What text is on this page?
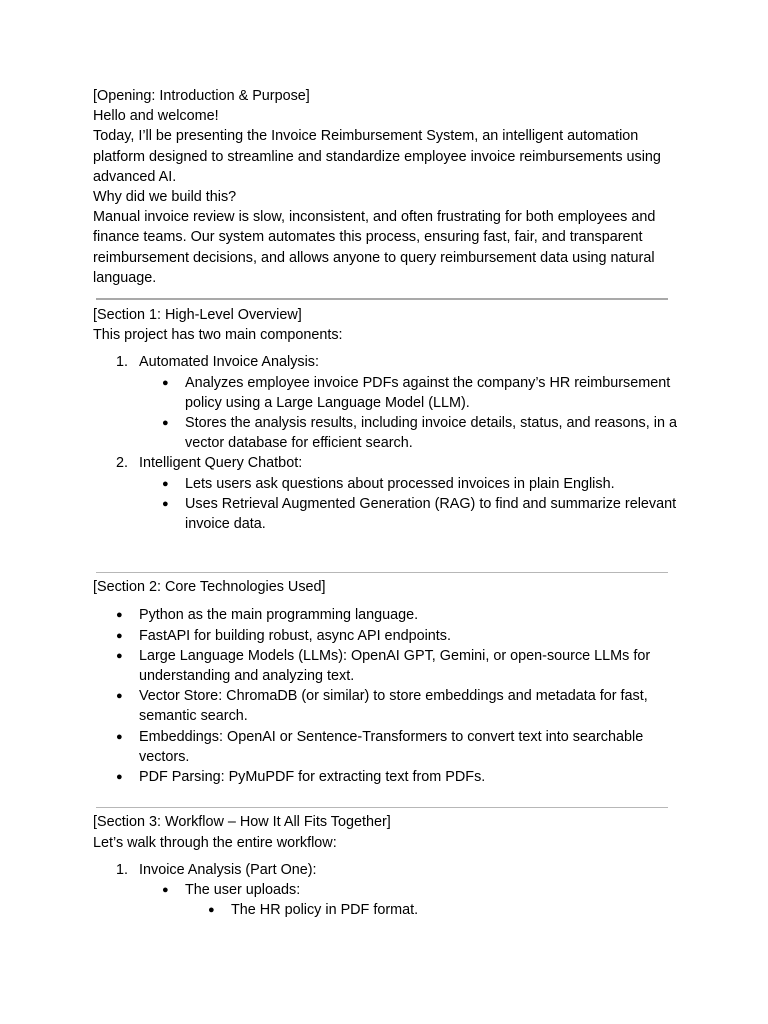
[Opening: Introduction & Purpose]

Hello and welcome!

Today, I’ll be presenting the Invoice Reimbursement System, an intelligent automation platform designed to streamline and standardize employee invoice reimbursements using advanced AI.

Why did we build this?

Manual invoice review is slow, inconsistent, and often frustrating for both employees and finance teams. Our system automates this process, ensuring fast, fair, and transparent reimbursement decisions, and allows anyone to query reimbursement data using natural language.

[Section 1: High-Level Overview]

This project has two main components:

1. Automated Invoice Analysis:
● Analyzes employee invoice PDFs against the company’s HR reimbursement policy using a Large Language Model (LLM).
● Stores the analysis results, including invoice details, status, and reasons, in a vector database for efficient search.
2. Intelligent Query Chatbot:
● Lets users ask questions about processed invoices in plain English.
● Uses Retrieval Augmented Generation (RAG) to find and summarize relevant invoice data.

[Section 2: Core Technologies Used]

● Python as the main programming language.
● FastAPI for building robust, async API endpoints.
● Large Language Models (LLMs): OpenAI GPT, Gemini, or open-source LLMs for understanding and analyzing text.
● Vector Store: ChromaDB (or similar) to store embeddings and metadata for fast, semantic search.
● Embeddings: OpenAI or Sentence-Transformers to convert text into searchable vectors.
● PDF Parsing: PyMuPDF for extracting text from PDFs.

[Section 3: Workflow – How It All Fits Together]

Let’s walk through the entire workflow:

1. Invoice Analysis (Part One):
● The user uploads:
● The HR policy in PDF format.
